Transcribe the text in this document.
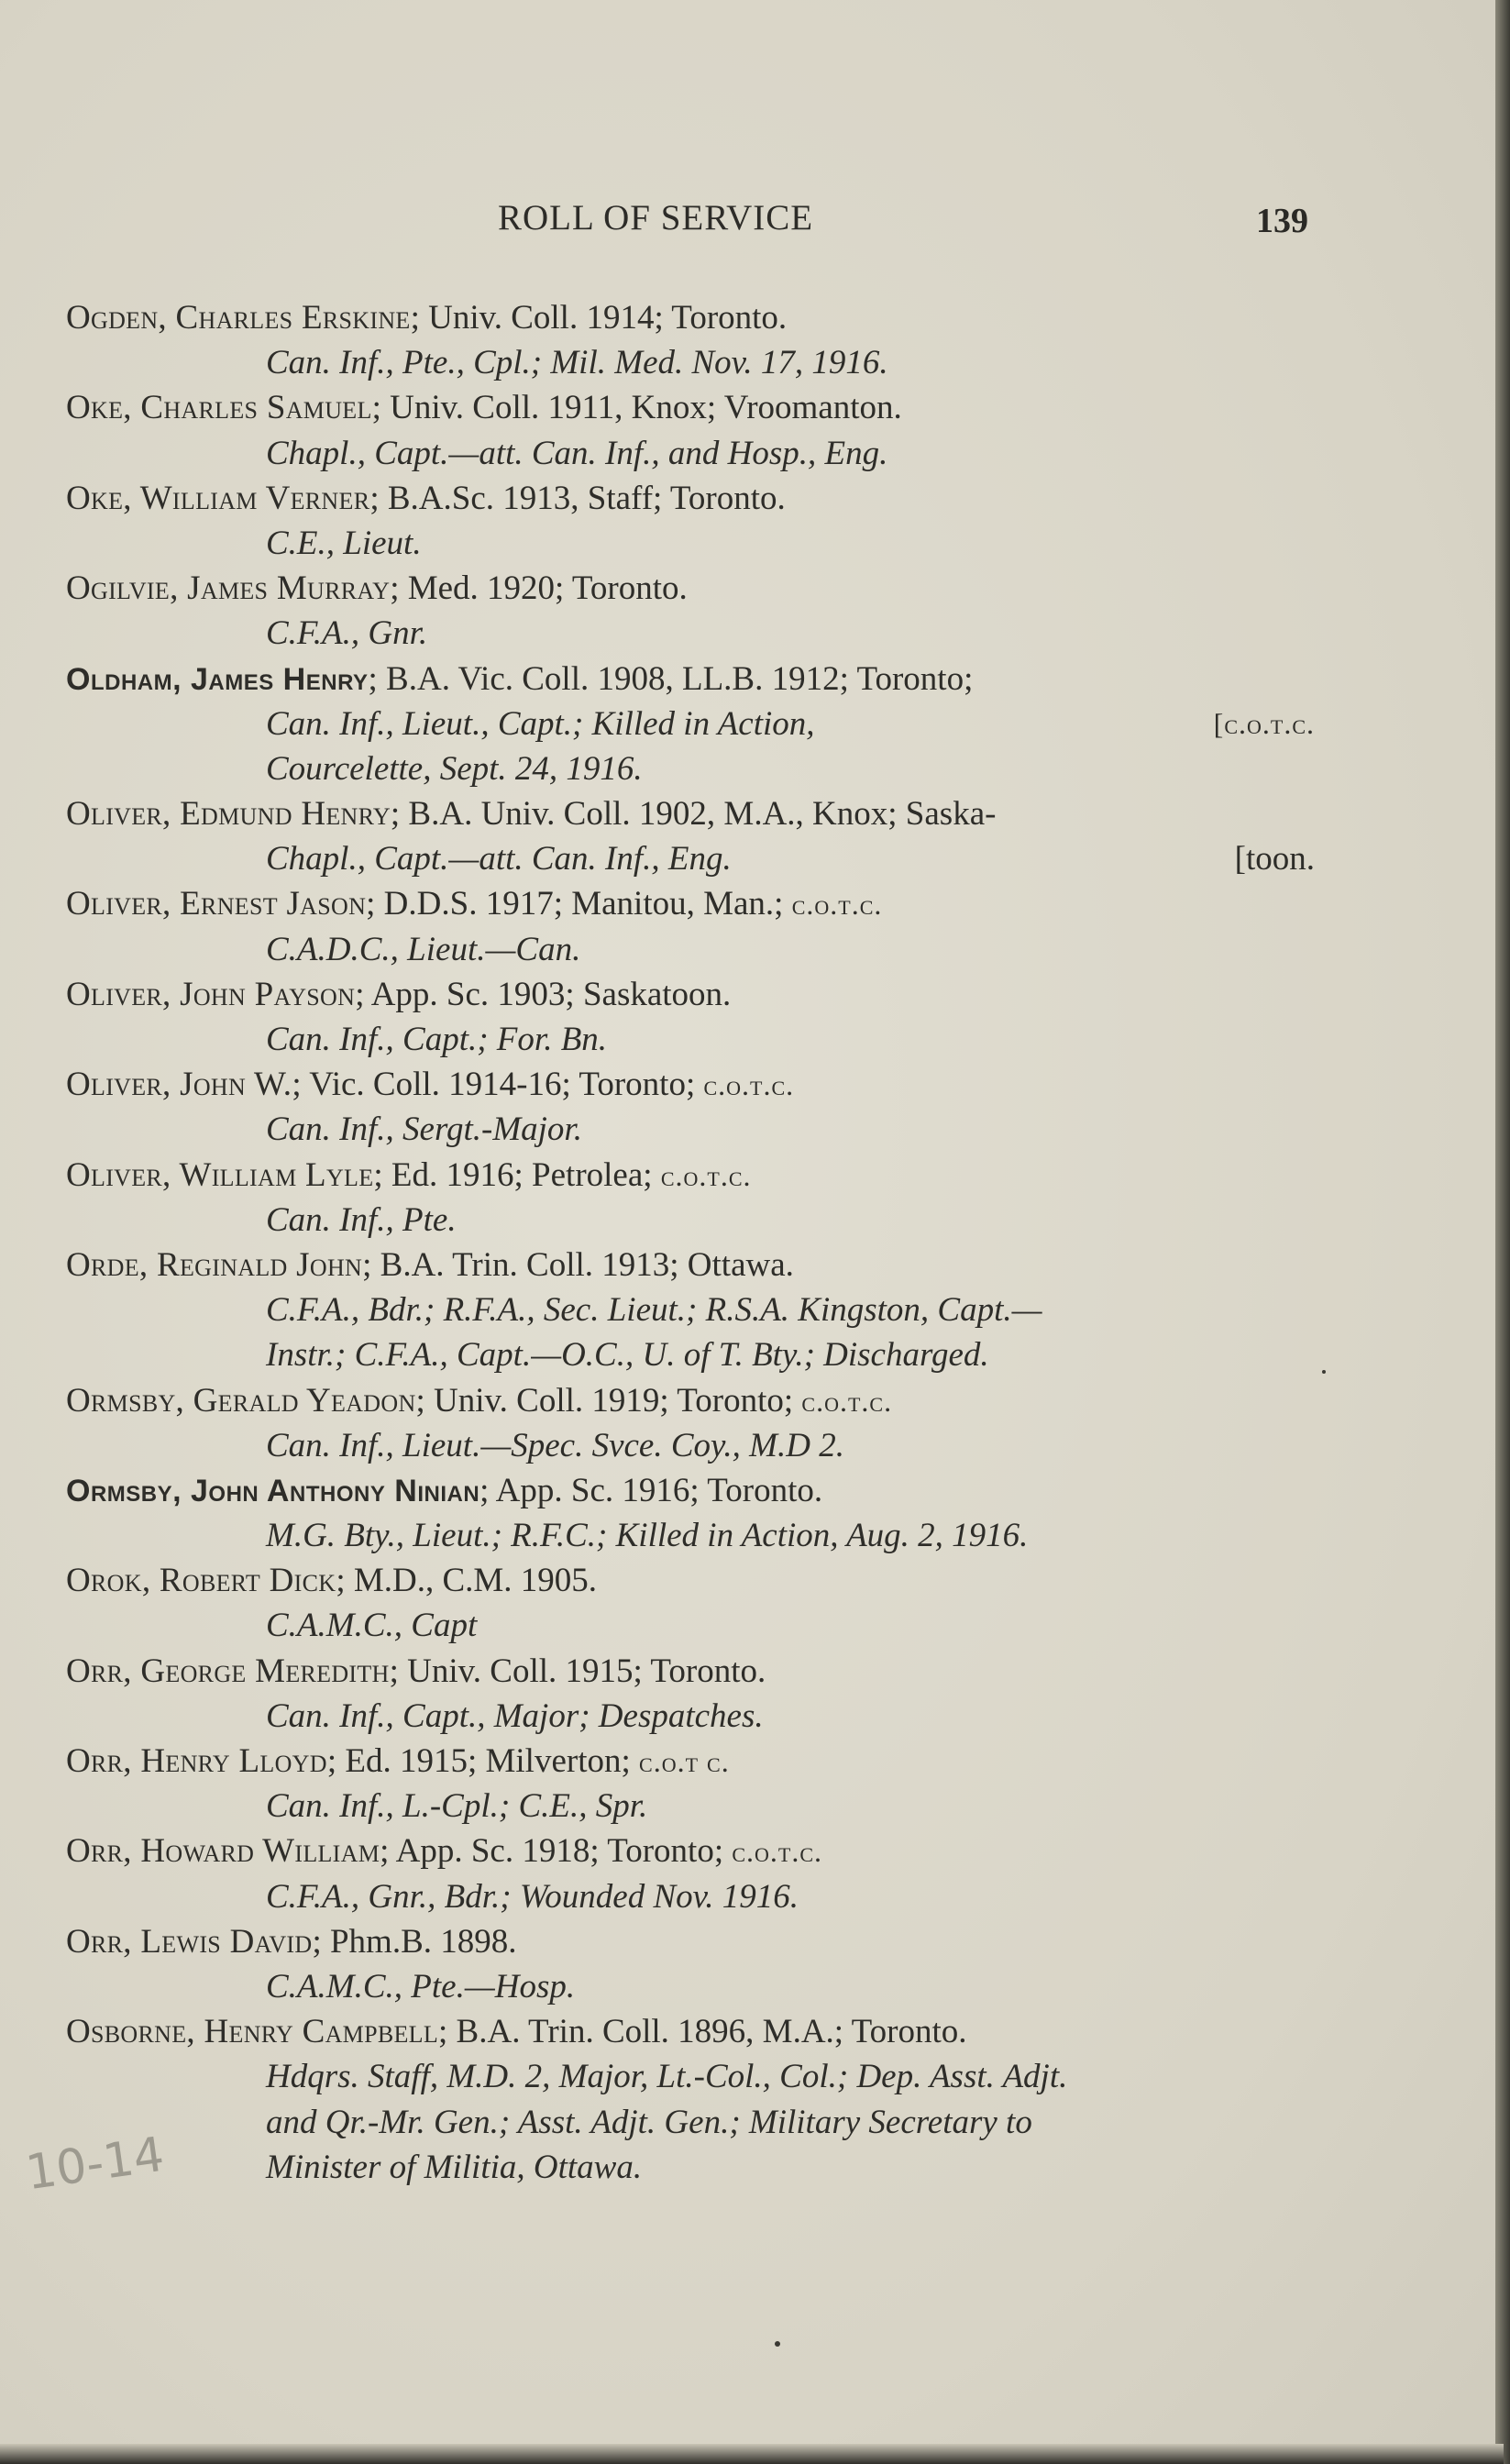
ROLL OF SERVICE	139
Ogden, Charles Erskine; Univ. Coll. 1914; Toronto.
Can. Inf., Pte., Cpl.; Mil. Med. Nov. 17, 1916.
Oke, Charles Samuel; Univ. Coll. 1911, Knox; Vroomanton.
Chapl., Capt.—att. Can. Inf., and Hosp., Eng.
Oke, William Verner; B.A.Sc. 1913, Staff; Toronto.
C.E., Lieut.
Ogilvie, James Murray; Med. 1920; Toronto.
C.F.A., Gnr.
Oldham, James Henry; B.A. Vic. Coll. 1908, LL.B. 1912; Toronto;
Can. Inf., Lieut., Capt.; Killed in Action,	[c.o.t.c.
Courcelette, Sept. 24, 1916.
Oliver, Edmund Henry; B.A. Univ. Coll. 1902, M.A., Knox; Saska-
Chapl., Capt.—att. Can. Inf., Eng.	[toon.
Oliver, Ernest Jason; D.D.S. 1917; Manitou, Man.; c.o.t.c.
C.A.D.C., Lieut.—Can.
Oliver, John Payson; App. Sc. 1903; Saskatoon.
Can. Inf., Capt.; For. Bn.
Oliver, John W.; Vic. Coll. 1914-16; Toronto; c.o.t.c.
Can. Inf., Sergt.-Major.
Oliver, William Lyle; Ed. 1916; Petrolea; c.o.t.c.
Can. Inf., Pte.
Orde, Reginald John; B.A. Trin. Coll. 1913; Ottawa.
C.F.A., Bdr.; R.F.A., Sec. Lieut.; R.S.A. Kingston, Capt.—
Instr.; C.F.A., Capt.—O.C., U. of T. Bty.; Discharged.
Ormsby, Gerald Yeadon; Univ. Coll. 1919; Toronto; c.o.t.c.
Can. Inf., Lieut.—Spec. Svce. Coy., M.D 2.
Ormsby, John Anthony Ninian; App. Sc. 1916; Toronto.
M.G. Bty., Lieut.; R.F.C.; Killed in Action, Aug. 2, 1916.
Orok, Robert Dick; M.D., C.M. 1905.
C.A.M.C., Capt
Orr, George Meredith; Univ. Coll. 1915; Toronto.
Can. Inf., Capt., Major; Despatches.
Orr, Henry Lloyd; Ed. 1915; Milverton; c.o.t c.
Can. Inf., L.-Cpl.; C.E., Spr.
Orr, Howard William; App. Sc. 1918; Toronto; c.o.t.c.
C.F.A., Gnr., Bdr.; Wounded Nov. 1916.
Orr, Lewis David; Phm.B. 1898.
C.A.M.C., Pte.—Hosp.
Osborne, Henry Campbell; B.A. Trin. Coll. 1896, M.A.; Toronto.
Hdqrs. Staff, M.D. 2, Major, Lt.-Col., Col.; Dep. Asst. Adjt.
and Qr.-Mr. Gen.; Asst. Adjt. Gen.; Military Secretary to
Minister of Militia, Ottawa.
10-14
